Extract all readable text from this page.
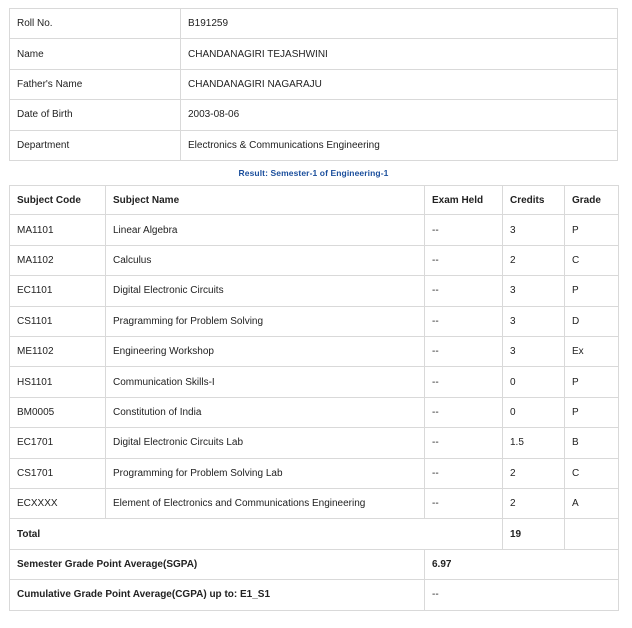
Roll No.	B191259
Name	CHANDANAGIRI TEJASHWINI
Father's Name	CHANDANAGIRI NAGARAJU
Date of Birth	2003-08-06
Department	Electronics & Communications Engineering
Result: Semester-1 of Engineering-1
Subject Code	Subject Name	Exam Held	Credits	Grade
MA1101	Linear Algebra	--	3	P
MA1102	Calculus	--	2	C
EC1101	Digital Electronic Circuits	--	3	P
CS1101	Pragramming for Problem Solving	--	3	D
ME1102	Engineering Workshop	--	3	Ex
HS1101	Communication Skills-I	--	0	P
BM0005	Constitution of India	--	0	P
EC1701	Digital Electronic Circuits Lab	--	1.5	B
CS1701	Programming for Problem Solving Lab	--	2	C
ECXXXX	Element of Electronics and Communications Engineering	--	2	A
Total			19	
Semester Grade Point Average(SGPA)		6.97		
Cumulative Grade Point Average(CGPA) up to: E1_S1		--		
